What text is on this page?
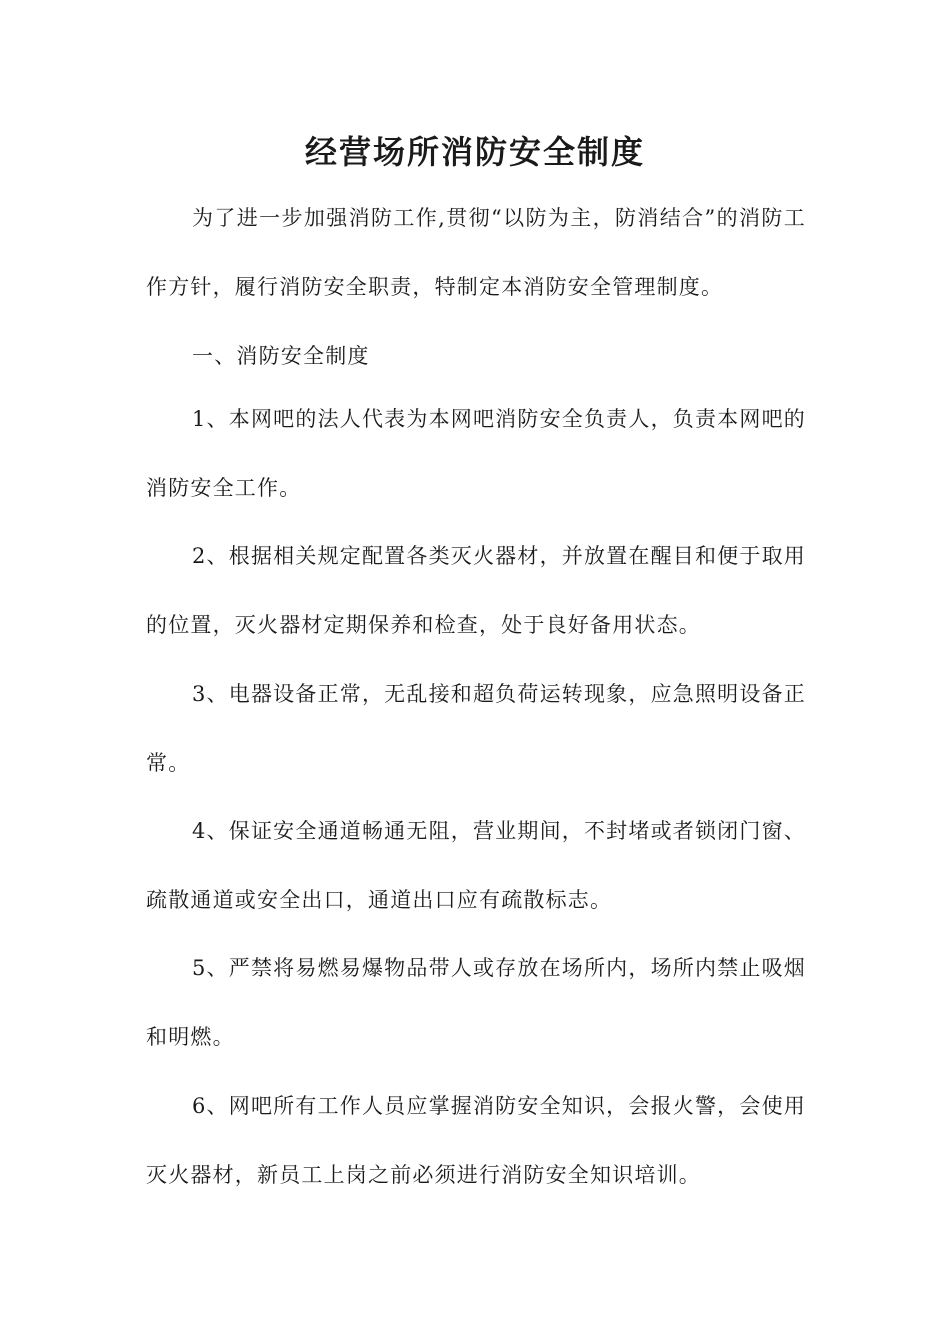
经营场所消防安全制度
为了进一步加强消防工作,贯彻“以防为主，防消结合”的消防工作方针，履行消防安全职责，特制定本消防安全管理制度。
一、消防安全制度
1、本网吧的法人代表为本网吧消防安全负责人，负责本网吧的消防安全工作。
2、根据相关规定配置各类灭火器材，并放置在醒目和便于取用的位置，灭火器材定期保养和检查，处于良好备用状态。
3、电器设备正常，无乱接和超负荷运转现象，应急照明设备正常。
4、保证安全通道畅通无阻，营业期间，不封堵或者锁闭门窗、疏散通道或安全出口，通道出口应有疏散标志。
5、严禁将易燃易爆物品带人或存放在场所内，场所内禁止吸烟和明燃。
6、网吧所有工作人员应掌握消防安全知识，会报火警，会使用灭火器材，新员工上岗之前必须进行消防安全知识培训。
